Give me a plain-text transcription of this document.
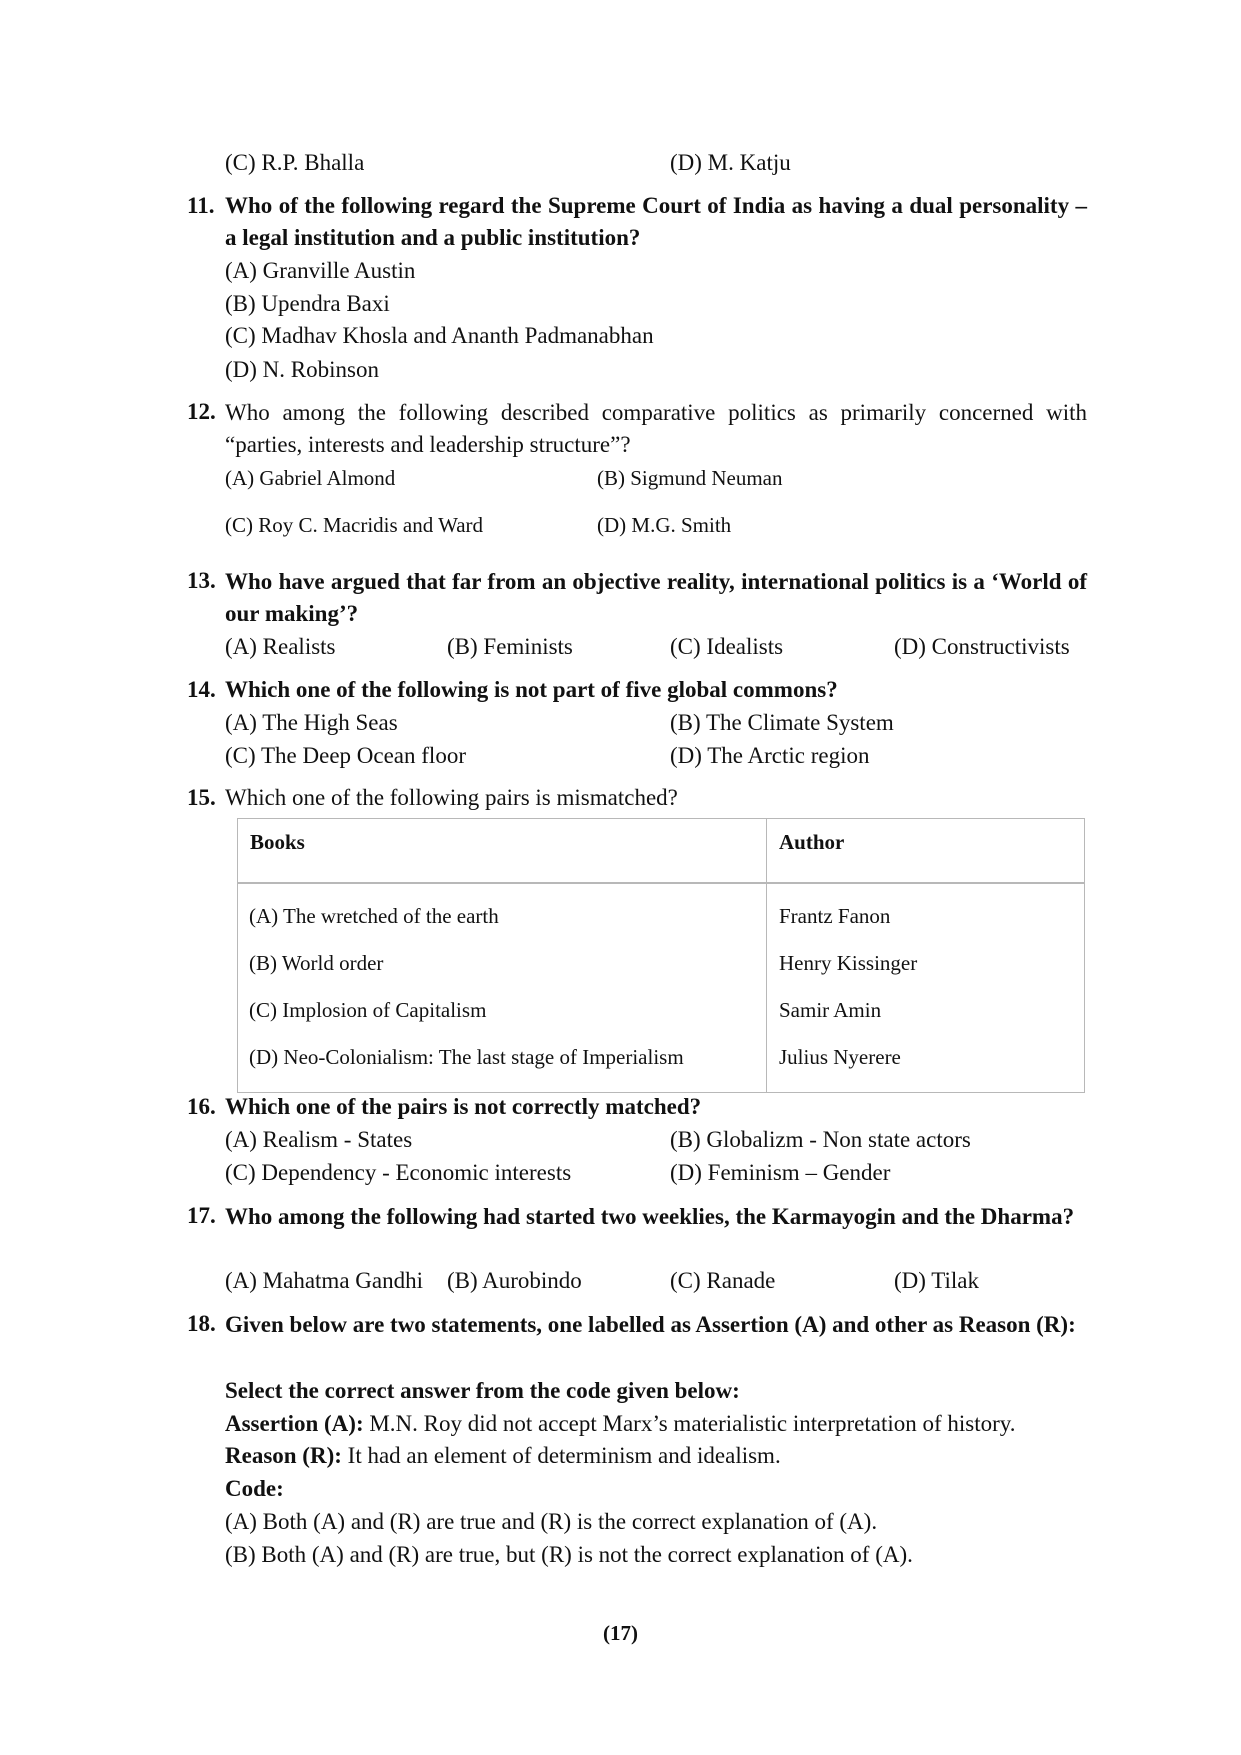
(C) R.P. Bhalla	(D) M. Katju
11. Who of the following regard the Supreme Court of India as having a dual personality – a legal institution and a public institution?
(A) Granville Austin
(B) Upendra Baxi
(C) Madhav Khosla and Ananth Padmanabhan
(D) N. Robinson
12. Who among the following described comparative politics as primarily concerned with “parties, interests and leadership structure”?
(A) Gabriel Almond	(B) Sigmund Neuman
(C) Roy C. Macridis and Ward	(D) M.G. Smith
13. Who have argued that far from an objective reality, international politics is a ‘World of our making’?
(A) Realists	(B) Feminists	(C) Idealists	(D) Constructivists
14. Which one of the following is not part of five global commons?
(A) The High Seas	(B) The Climate System
(C) The Deep Ocean floor	(D) The Arctic region
15. Which one of the following pairs is mismatched?
Books	Author
(A) The wretched of the earth	Frantz Fanon
(B) World order	Henry Kissinger
(C) Implosion of Capitalism	Samir Amin
(D) Neo-Colonialism: The last stage of Imperialism	Julius Nyerere
16. Which one of the pairs is not correctly matched?
(A) Realism - States	(B) Globalizm - Non state actors
(C) Dependency - Economic interests	(D) Feminism – Gender
17. Who among the following had started two weeklies, the Karmayogin and the Dharma?
(A) Mahatma Gandhi (B) Aurobindo	(C) Ranade	(D) Tilak
18. Given below are two statements, one labelled as Assertion (A) and other as Reason (R):
Select the correct answer from the code given below:
Assertion (A): M.N. Roy did not accept Marx’s materialistic interpretation of history.
Reason (R): It had an element of determinism and idealism.
Code:
(A) Both (A) and (R) are true and (R) is the correct explanation of (A).
(B) Both (A) and (R) are true, but (R) is not the correct explanation of (A).
(17)
